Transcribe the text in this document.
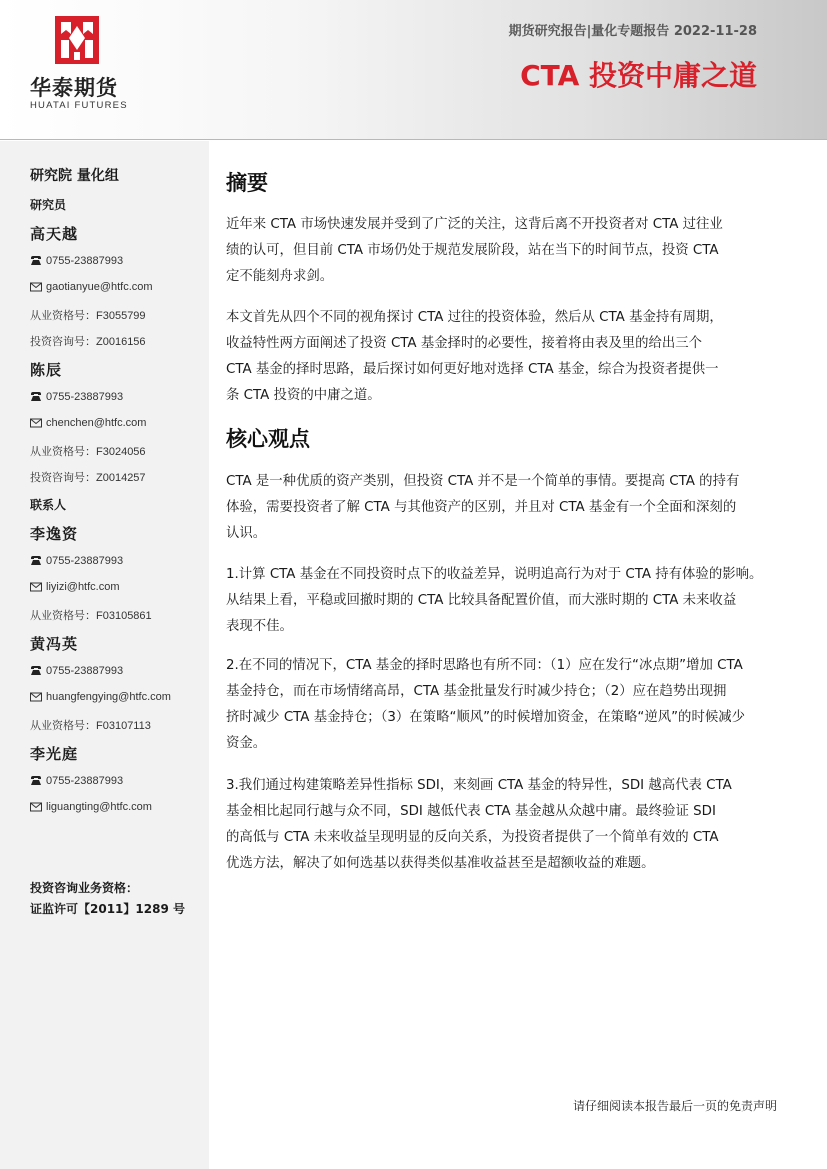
华泰期货
HUATAI FUTURES
期货研究报告|量化专题报告 2022-11-28
CTA 投资中庸之道
研究院 量化组
研究员
高天越
0755-23887993
gaotianyue@htfc.com
从业资格号：F3055799
投资咨询号：Z0016156
陈辰
0755-23887993
chenchen@htfc.com
从业资格号：F3024056
投资咨询号：Z0014257
联系人
李逸资
0755-23887993
liyizi@htfc.com
从业资格号：F03105861
黄冯英
0755-23887993
huangfengying@htfc.com
从业资格号：F03107113
李光庭
0755-23887993
liguangting@htfc.com
投资咨询业务资格：
证监许可【2011】1289 号
摘要
近年来 CTA 市场快速发展并受到了广泛的关注，这背后离不开投资者对 CTA 过往业
绩的认可，但目前 CTA 市场仍处于规范发展阶段，站在当下的时间节点，投资 CTA
定不能刻舟求剑。
本文首先从四个不同的视角探讨 CTA 过往的投资体验，然后从 CTA 基金持有周期，
收益特性两方面阐述了投资 CTA 基金择时的必要性，接着将由表及里的给出三个
CTA 基金的择时思路，最后探讨如何更好地对选择 CTA 基金，综合为投资者提供一
条 CTA 投资的中庸之道。
核心观点
CTA 是一种优质的资产类别，但投资 CTA 并不是一个简单的事情。要提高 CTA 的持有
体验，需要投资者了解 CTA 与其他资产的区别，并且对 CTA 基金有一个全面和深刻的
认识。
1.计算 CTA 基金在不同投资时点下的收益差异，说明追高行为对于 CTA 持有体验的影响。
从结果上看，平稳或回撤时期的 CTA 比较具备配置价值，而大涨时期的 CTA 未来收益
表现不佳。
2.在不同的情况下，CTA 基金的择时思路也有所不同：（1）应在发行“冰点期”增加 CTA
基金持仓，而在市场情绪高昂，CTA 基金批量发行时减少持仓；（2）应在趋势出现拥
挤时减少 CTA 基金持仓；（3）在策略“顺风”的时候增加资金，在策略“逆风”的时候减少
资金。
3.我们通过构建策略差异性指标 SDI，来刻画 CTA 基金的特异性，SDI 越高代表 CTA
基金相比起同行越与众不同，SDI 越低代表 CTA 基金越从众越中庸。最终验证 SDI
的高低与 CTA 未来收益呈现明显的反向关系，为投资者提供了一个简单有效的 CTA
优选方法，解决了如何选基以获得类似基准收益甚至是超额收益的难题。
请仔细阅读本报告最后一页的免责声明
